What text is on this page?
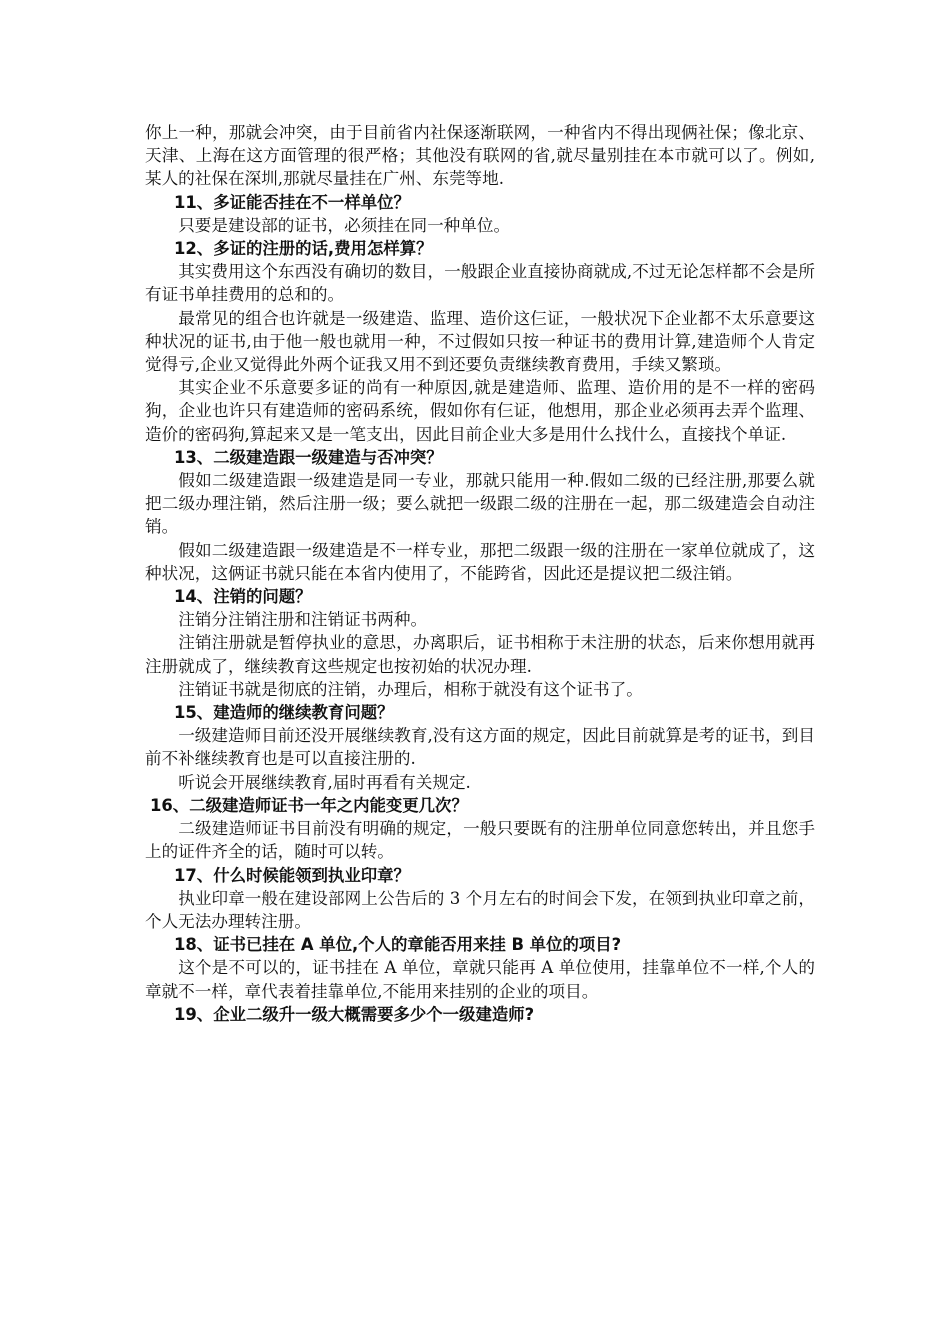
你上一种，那就会冲突，由于目前省内社保逐渐联网，一种省内不得出现俩社保；像北京、天津、上海在这方面管理的很严格；其他没有联网的省,就尽量别挂在本市就可以了。例如,某人的社保在深圳,那就尽量挂在广州、东莞等地.

11、多证能否挂在不一样单位？

只要是建设部的证书，必须挂在同一种单位。

12、多证的注册的话,费用怎样算？

其实费用这个东西没有确切的数目，一般跟企业直接协商就成,不过无论怎样都不会是所有证书单挂费用的总和的。

最常见的组合也许就是一级建造、监理、造价这仨证，一般状况下企业都不太乐意要这种状况的证书,由于他一般也就用一种，不过假如只按一种证书的费用计算,建造师个人肯定觉得亏,企业又觉得此外两个证我又用不到还要负责继续教育费用，手续又繁琐。

其实企业不乐意要多证的尚有一种原因,就是建造师、监理、造价用的是不一样的密码狗，企业也许只有建造师的密码系统，假如你有仨证，他想用，那企业必须再去弄个监理、造价的密码狗,算起来又是一笔支出，因此目前企业大多是用什么找什么，直接找个单证.

13、二级建造跟一级建造与否冲突？

假如二级建造跟一级建造是同一专业，那就只能用一种.假如二级的已经注册,那要么就把二级办理注销，然后注册一级；要么就把一级跟二级的注册在一起，那二级建造会自动注销。

假如二级建造跟一级建造是不一样专业，那把二级跟一级的注册在一家单位就成了，这种状况，这俩证书就只能在本省内使用了，不能跨省，因此还是提议把二级注销。

14、注销的问题？

注销分注销注册和注销证书两种。

注销注册就是暂停执业的意思，办离职后，证书相称于未注册的状态，后来你想用就再注册就成了，继续教育这些规定也按初始的状况办理.

注销证书就是彻底的注销，办理后，相称于就没有这个证书了。

15、建造师的继续教育问题？

一级建造师目前还没开展继续教育,没有这方面的规定，因此目前就算是考的证书，到目前不补继续教育也是可以直接注册的.

听说会开展继续教育,届时再看有关规定.

16、二级建造师证书一年之内能变更几次？

二级建造师证书目前没有明确的规定，一般只要既有的注册单位同意您转出，并且您手上的证件齐全的话，随时可以转。

17、什么时候能领到执业印章？

执业印章一般在建设部网上公告后的 3 个月左右的时间会下发，在领到执业印章之前，个人无法办理转注册。

18、证书已挂在 A 单位,个人的章能否用来挂 B 单位的项目?

这个是不可以的，证书挂在 A 单位，章就只能再 A 单位使用，挂靠单位不一样,个人的章就不一样，章代表着挂靠单位,不能用来挂别的企业的项目。

19、企业二级升一级大概需要多少个一级建造师?
